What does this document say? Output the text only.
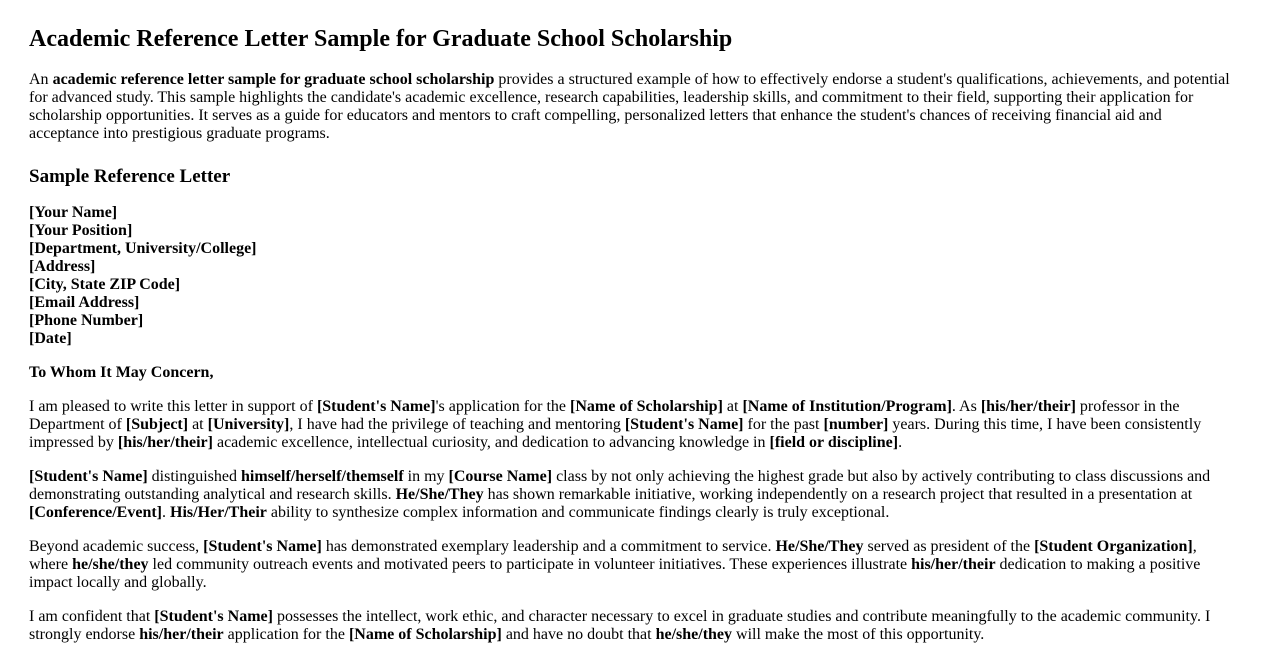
Academic Reference Letter Sample for Graduate School Scholarship

An academic reference letter sample for graduate school scholarship provides a structured example of how to effectively endorse a student's qualifications, achievements, and potential for advanced study. This sample highlights the candidate's academic excellence, research capabilities, leadership skills, and commitment to their field, supporting their application for scholarship opportunities. It serves as a guide for educators and mentors to craft compelling, personalized letters that enhance the student's chances of receiving financial aid and acceptance into prestigious graduate programs.

Sample Reference Letter

[Your Name]
[Your Position]
[Department, University/College]
[Address]
[City, State ZIP Code]
[Email Address]
[Phone Number]
[Date]

To Whom It May Concern,

I am pleased to write this letter in support of [Student's Name]'s application for the [Name of Scholarship] at [Name of Institution/Program]. As [his/her/their] professor in the Department of [Subject] at [University], I have had the privilege of teaching and mentoring [Student's Name] for the past [number] years. During this time, I have been consistently impressed by [his/her/their] academic excellence, intellectual curiosity, and dedication to advancing knowledge in [field or discipline].

[Student's Name] distinguished himself/herself/themself in my [Course Name] class by not only achieving the highest grade but also by actively contributing to class discussions and demonstrating outstanding analytical and research skills. He/She/They has shown remarkable initiative, working independently on a research project that resulted in a presentation at [Conference/Event]. His/Her/Their ability to synthesize complex information and communicate findings clearly is truly exceptional.

Beyond academic success, [Student's Name] has demonstrated exemplary leadership and a commitment to service. He/She/They served as president of the [Student Organization], where he/she/they led community outreach events and motivated peers to participate in volunteer initiatives. These experiences illustrate his/her/their dedication to making a positive impact locally and globally.

I am confident that [Student's Name] possesses the intellect, work ethic, and character necessary to excel in graduate studies and contribute meaningfully to the academic community. I strongly endorse his/her/their application for the [Name of Scholarship] and have no doubt that he/she/they will make the most of this opportunity.
